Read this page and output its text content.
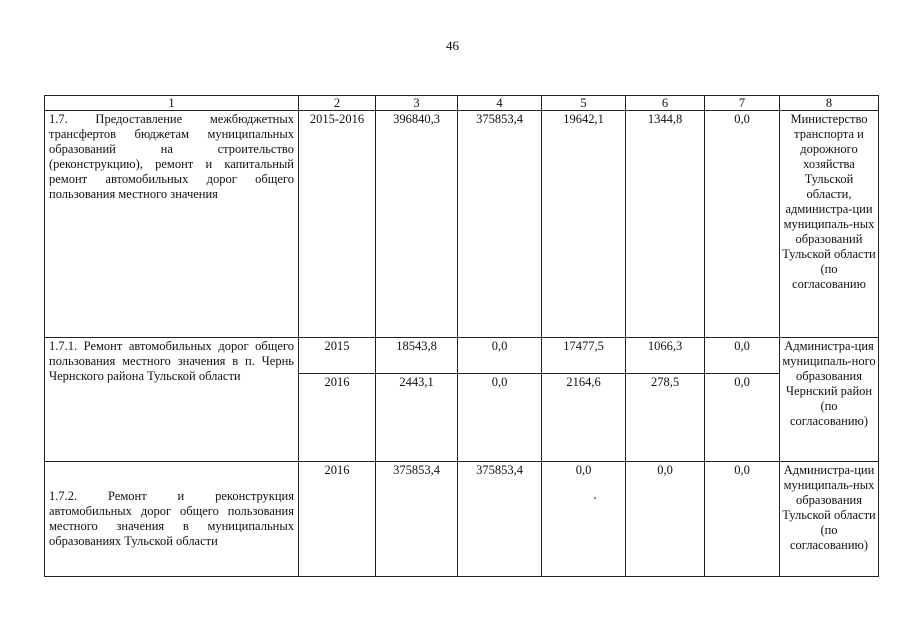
46
1	2	3	4	5	6	7	8
1.7. Предоставление межбюджетных трансфертов бюджетам муниципальных образований на строительство (реконструкцию), ремонт и капитальный ремонт автомобильных дорог общего пользования местного значения	2015-2016	396840,3	375853,4	19642,1	1344,8	0,0	Министерство транспорта и дорожного хозяйства Тульской области, администра-ции муниципаль-ных образований Тульской области (по согласованию
1.7.1. Ремонт автомобильных дорог общего пользования местного значения в п. Чернь Чернского района Тульской области	2015	18543,8	0,0	17477,5	1066,3	0,0	Администра-ция муниципаль-ного образования Чернский район (по согласованию)
	2016	2443,1	0,0	2164,6	278,5	0,0	
1.7.2. Ремонт и реконструкция автомобильных дорог общего пользования местного значения в муниципальных образованиях Тульской области	2016	375853,4	375853,4	0,0	0,0	0,0	Администра-ции муниципаль-ных образования Тульской области (по согласованию)
